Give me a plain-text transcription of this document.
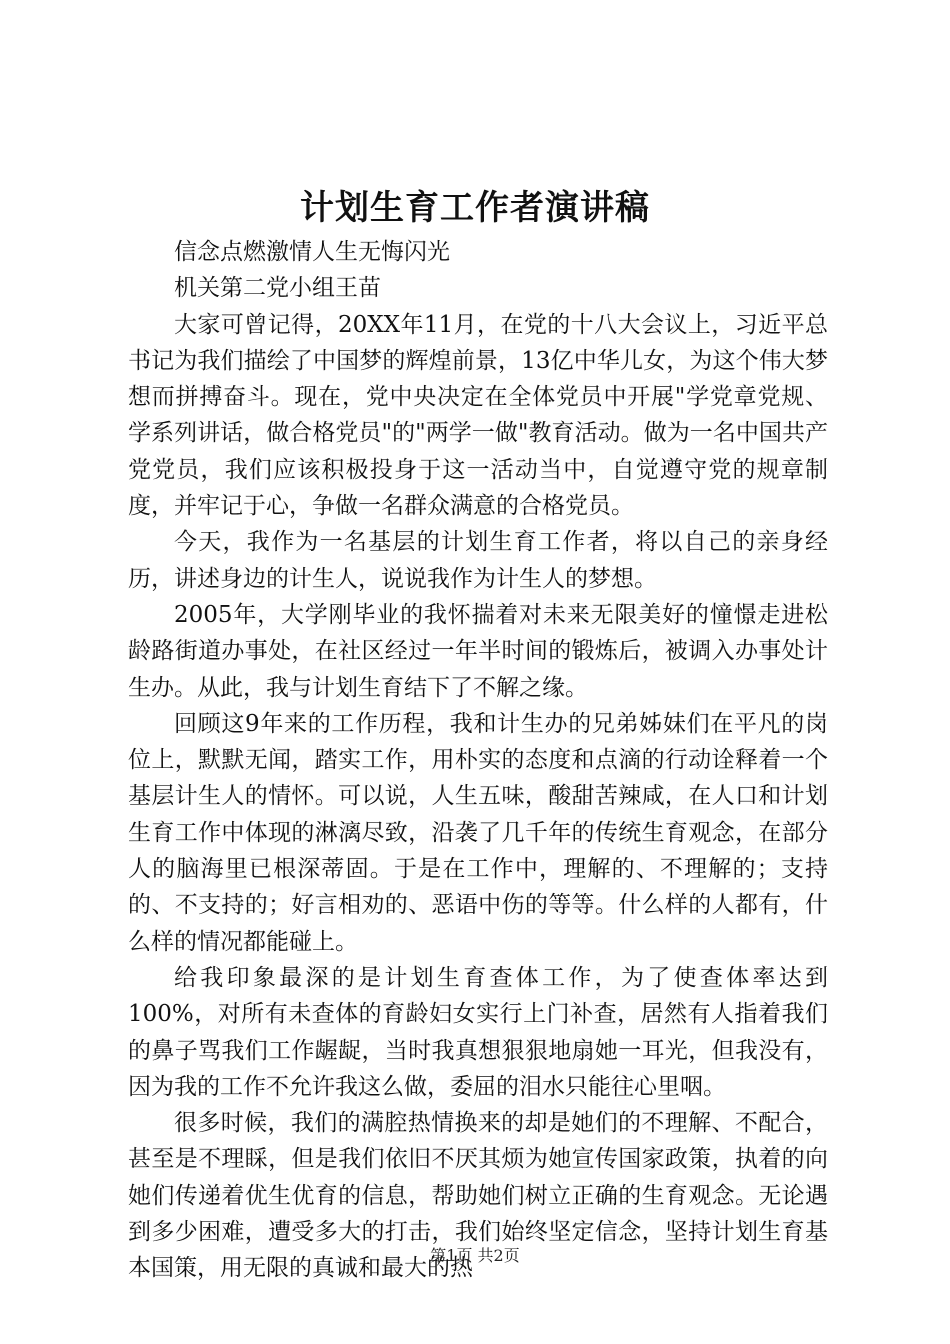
计划生育工作者演讲稿

信念点燃激情人生无悔闪光

机关第二党小组王苗

大家可曾记得，20XX年11月，在党的十八大会议上，习近平总书记为我们描绘了中国梦的辉煌前景，13亿中华儿女，为这个伟大梦想而拼搏奋斗。现在，党中央决定在全体党员中开展"学党章党规、学系列讲话，做合格党员"的"两学一做"教育活动。做为一名中国共产党党员，我们应该积极投身于这一活动当中，自觉遵守党的规章制度，并牢记于心，争做一名群众满意的合格党员。

今天，我作为一名基层的计划生育工作者，将以自己的亲身经历，讲述身边的计生人，说说我作为计生人的梦想。

2005年，大学刚毕业的我怀揣着对未来无限美好的憧憬走进松龄路街道办事处，在社区经过一年半时间的锻炼后，被调入办事处计生办。从此，我与计划生育结下了不解之缘。

回顾这9年来的工作历程，我和计生办的兄弟姊妹们在平凡的岗位上，默默无闻，踏实工作，用朴实的态度和点滴的行动诠释着一个基层计生人的情怀。可以说，人生五味，酸甜苦辣咸，在人口和计划生育工作中体现的淋漓尽致，沿袭了几千年的传统生育观念，在部分人的脑海里已根深蒂固。于是在工作中，理解的、不理解的；支持的、不支持的；好言相劝的、恶语中伤的等等。什么样的人都有，什么样的情况都能碰上。

给我印象最深的是计划生育查体工作，为了使查体率达到100%，对所有未查体的育龄妇女实行上门补查，居然有人指着我们的鼻子骂我们工作龌龊，当时我真想狠狠地扇她一耳光，但我没有，因为我的工作不允许我这么做，委屈的泪水只能往心里咽。

很多时候，我们的满腔热情换来的却是她们的不理解、不配合，甚至是不理睬，但是我们依旧不厌其烦为她宣传国家政策，执着的向她们传递着优生优育的信息，帮助她们树立正确的生育观念。无论遇到多少困难，遭受多大的打击，我们始终坚定信念，坚持计划生育基本国策，用无限的真诚和最大的热

第1页 共2页
